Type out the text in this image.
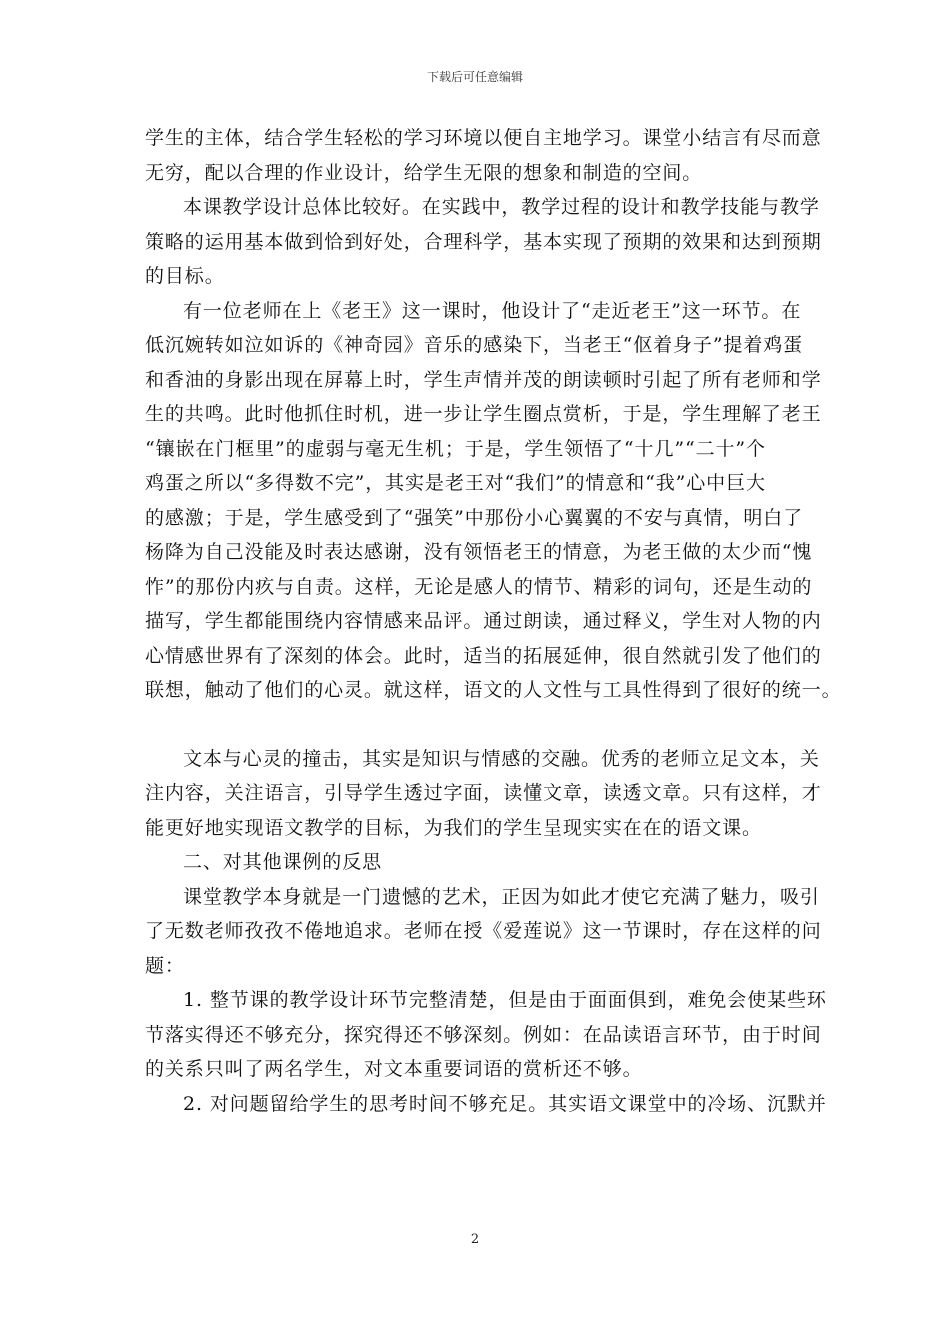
下载后可任意编辑
学生的主体，结合学生轻松的学习环境以便自主地学习。课堂小结言有尽而意
无穷，配以合理的作业设计，给学生无限的想象和制造的空间。
本课教学设计总体比较好。在实践中，教学过程的设计和教学技能与教学
策略的运用基本做到恰到好处，合理科学，基本实现了预期的效果和达到预期
的目标。
有一位老师在上《老王》这一课时，他设计了“走近老王”这一环节。在
低沉婉转如泣如诉的《神奇园》音乐的感染下，当老王“伛着身子”提着鸡蛋
和香油的身影出现在屏幕上时，学生声情并茂的朗读顿时引起了所有老师和学
生的共鸣。此时他抓住时机，进一步让学生圈点赏析，于是，学生理解了老王
“镶嵌在门框里”的虚弱与毫无生机；于是，学生领悟了“十几”“二十”个
鸡蛋之所以“多得数不完”，其实是老王对“我们”的情意和“我”心中巨大
的感激；于是，学生感受到了“强笑”中那份小心翼翼的不安与真情，明白了
杨降为自己没能及时表达感谢，没有领悟老王的情意，为老王做的太少而“愧
怍”的那份内疚与自责。这样，无论是感人的情节、精彩的词句，还是生动的
描写，学生都能围绕内容情感来品评。通过朗读，通过释义，学生对人物的内
心情感世界有了深刻的体会。此时，适当的拓展延伸，很自然就引发了他们的
联想，触动了他们的心灵。就这样，语文的人文性与工具性得到了很好的统一。
文本与心灵的撞击，其实是知识与情感的交融。优秀的老师立足文本，关
注内容，关注语言，引导学生透过字面，读懂文章，读透文章。只有这样，才
能更好地实现语文教学的目标，为我们的学生呈现实实在在的语文课。
二、对其他课例的反思
课堂教学本身就是一门遗憾的艺术，正因为如此才使它充满了魅力，吸引
了无数老师孜孜不倦地追求。老师在授《爱莲说》这一节课时，存在这样的问
题：
1. 整节课的教学设计环节完整清楚，但是由于面面俱到，难免会使某些环
节落实得还不够充分，探究得还不够深刻。例如：在品读语言环节，由于时间
的关系只叫了两名学生，对文本重要词语的赏析还不够。
2. 对问题留给学生的思考时间不够充足。其实语文课堂中的冷场、沉默并
2
